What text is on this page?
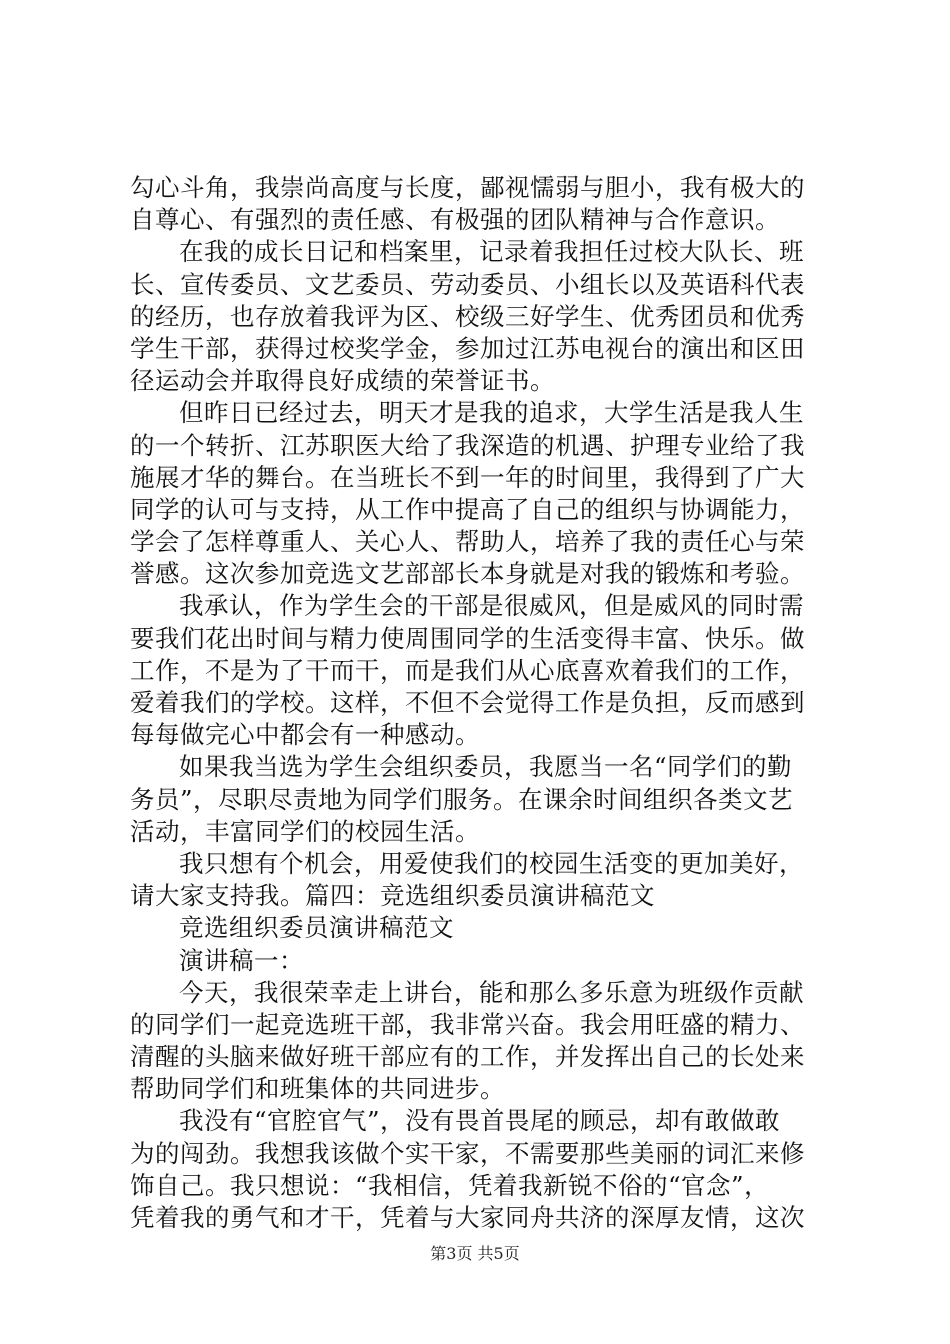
勾心斗角，我崇尚高度与长度，鄙视懦弱与胆小，我有极大的
自尊心、有强烈的责任感、有极强的团队精神与合作意识。
在我的成长日记和档案里，记录着我担任过校大队长、班
长、宣传委员、文艺委员、劳动委员、小组长以及英语科代表
的经历，也存放着我评为区、校级三好学生、优秀团员和优秀
学生干部，获得过校奖学金，参加过江苏电视台的演出和区田
径运动会并取得良好成绩的荣誉证书。
但昨日已经过去，明天才是我的追求，大学生活是我人生
的一个转折、江苏职医大给了我深造的机遇、护理专业给了我
施展才华的舞台。在当班长不到一年的时间里，我得到了广大
同学的认可与支持，从工作中提高了自己的组织与协调能力，
学会了怎样尊重人、关心人、帮助人，培养了我的责任心与荣
誉感。这次参加竞选文艺部部长本身就是对我的锻炼和考验。
我承认，作为学生会的干部是很威风，但是威风的同时需
要我们花出时间与精力使周围同学的生活变得丰富、快乐。做
工作，不是为了干而干，而是我们从心底喜欢着我们的工作，
爱着我们的学校。这样，不但不会觉得工作是负担，反而感到
每每做完心中都会有一种感动。
如果我当选为学生会组织委员，我愿当一名“同学们的勤
务员”，尽职尽责地为同学们服务。在课余时间组织各类文艺
活动，丰富同学们的校园生活。
我只想有个机会，用爱使我们的校园生活变的更加美好，
请大家支持我。篇四：竞选组织委员演讲稿范文
竞选组织委员演讲稿范文
演讲稿一：
今天，我很荣幸走上讲台，能和那么多乐意为班级作贡献
的同学们一起竞选班干部，我非常兴奋。我会用旺盛的精力、
清醒的头脑来做好班干部应有的工作，并发挥出自己的长处来
帮助同学们和班集体的共同进步。
我没有“官腔官气”，没有畏首畏尾的顾忌，却有敢做敢
为的闯劲。我想我该做个实干家，不需要那些美丽的词汇来修
饰自己。我只想说：“我相信，凭着我新锐不俗的“官念”，
凭着我的勇气和才干，凭着与大家同舟共济的深厚友情，这次
第3页 共5页
